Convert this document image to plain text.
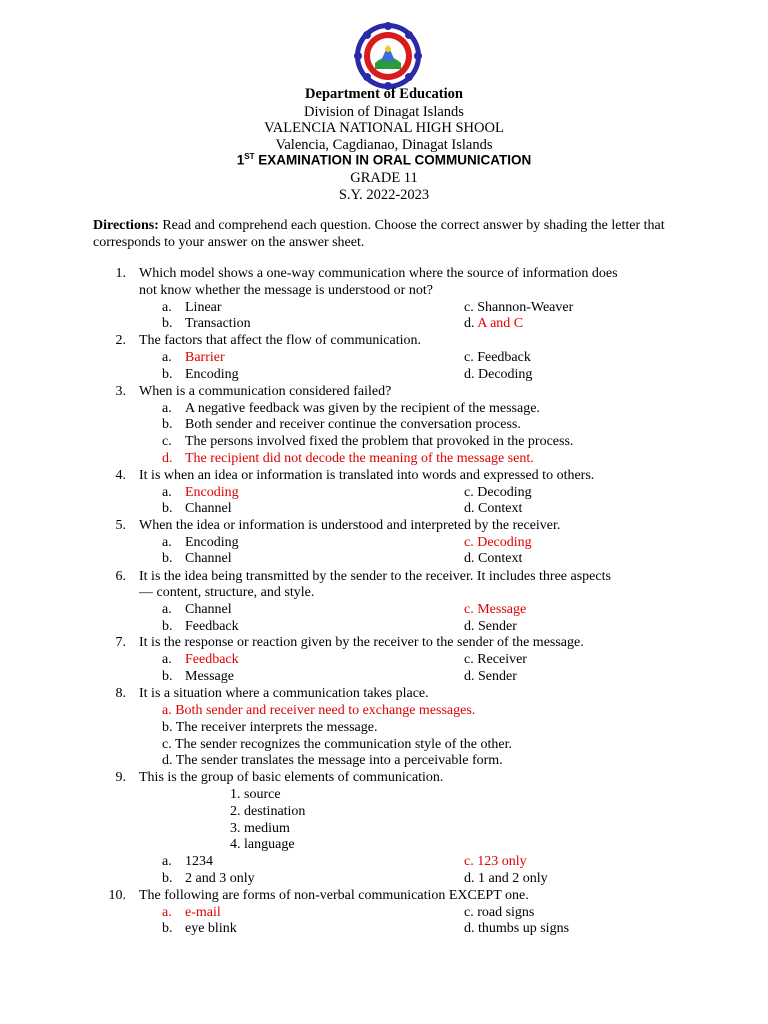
Department of Education
Division of Dinagat Islands
VALENCIA NATIONAL HIGH SHOOL
Valencia, Cagdianao, Dinagat Islands
1ST EXAMINATION IN ORAL COMMUNICATION
GRADE 11
S.Y. 2022-2023
Directions: Read and comprehend each question. Choose the correct answer by shading the letter that corresponds to your answer on the answer sheet.
1. Which model shows a one-way communication where the source of information does
not know whether the message is understood or not?
a. Linear	c. Shannon-Weaver
b. Transaction	d. A and C
2. The factors that affect the flow of communication.
a. Barrier	c. Feedback
b. Encoding	d. Decoding
3. When is a communication considered failed?
a. A negative feedback was given by the recipient of the message.
b. Both sender and receiver continue the conversation process.
c. The persons involved fixed the problem that provoked in the process.
d. The recipient did not decode the meaning of the message sent.
4. It is when an idea or information is translated into words and expressed to others.
a. Encoding	c. Decoding
b. Channel	d. Context
5. When the idea or information is understood and interpreted by the receiver.
a. Encoding	c. Decoding
b. Channel	d. Context
6. It is the idea being transmitted by the sender to the receiver. It includes three aspects
— content, structure, and style.
a. Channel	c. Message
b. Feedback	d. Sender
7. It is the response or reaction given by the receiver to the sender of the message.
a. Feedback	c. Receiver
b. Message	d. Sender
8. It is a situation where a communication takes place.
a. Both sender and receiver need to exchange messages.
b. The receiver interprets the message.
c. The sender recognizes the communication style of the other.
d. The sender translates the message into a perceivable form.
9. This is the group of basic elements of communication.
1. source
2. destination
3. medium
4. language
a. 1234	c. 123 only
b. 2 and 3 only	d. 1 and 2 only
10. The following are forms of non-verbal communication EXCEPT one.
a. e-mail	c. road signs
b. eye blink	d. thumbs up signs
